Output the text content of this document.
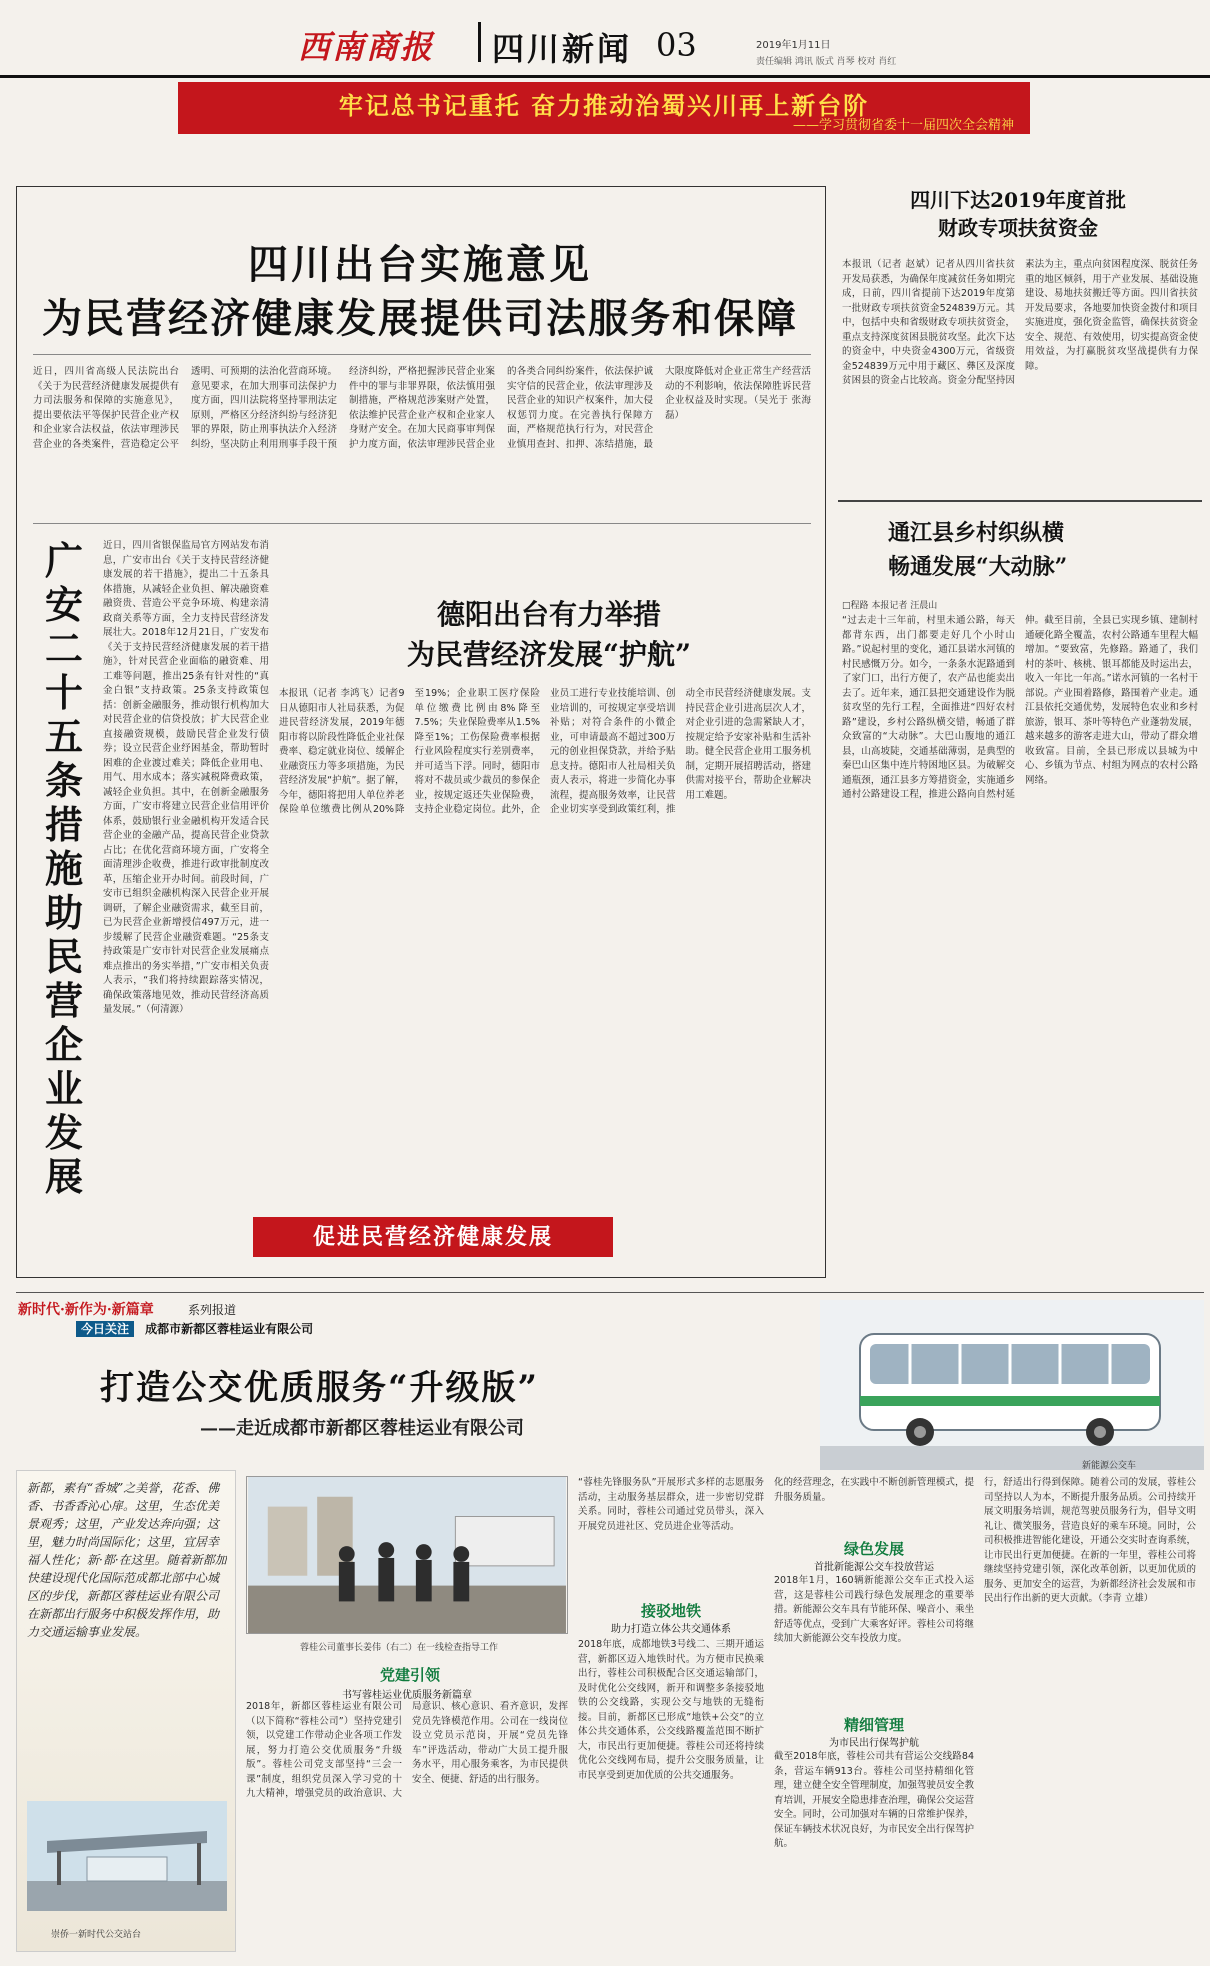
西南商报 四川新闻 03	2019年1月11日
责任编辑 鸿讯 版式 肖琴 校对 肖红
牢记总书记重托 奋力推动治蜀兴川再上新台阶
——学习贯彻省委十一届四次全会精神
四川出台实施意见
为民营经济健康发展提供司法服务和保障
近日，四川省高级人民法院出台《关于为民营经济健康发展提供有力司法服务和保障的实施意见》，提出要依法平等保护民营企业产权和企业家合法权益，依法审理涉民营企业的各类案件，营造稳定公平透明、可预期的法治化营商环境。意见要求，在加大刑事司法保护力度方面，四川法院将坚持罪刑法定原则，严格区分经济纠纷与经济犯罪的界限，防止刑事执法介入经济纠纷，坚决防止利用刑事手段干预经济纠纷，严格把握涉民营企业案件中的罪与非罪界限，依法慎用强制措施，严格规范涉案财产处置，依法维护民营企业产权和企业家人身财产安全。在加大民商事审判保护力度方面，依法审理涉民营企业的各类合同纠纷案件，依法保护诚实守信的民营企业，依法审理涉及民营企业的知识产权案件，加大侵权惩罚力度。在完善执行保障方面，严格规范执行行为，对民营企业慎用查封、扣押、冻结措施，最大限度降低对企业正常生产经营活动的不利影响，依法保障胜诉民营企业权益及时实现。（吴光于 张海磊）
广安二十五条措施助民营企业发展
近日，四川省银保监局官方网站发布消息，广安市出台《关于支持民营经济健康发展的若干措施》，提出二十五条具体措施，从减轻企业负担、解决融资难融资贵、营造公平竞争环境、构建亲清政商关系等方面，全力支持民营经济发展壮大。2018年12月21日，广安发布《关于支持民营经济健康发展的若干措施》，针对民营企业面临的融资难、用工难等问题，推出25条有针对性的“真金白银”支持政策。25条支持政策包括：创新金融服务，推动银行机构加大对民营企业的信贷投放；扩大民营企业直接融资规模，鼓励民营企业发行债券；设立民营企业纾困基金，帮助暂时困难的企业渡过难关；降低企业用电、用气、用水成本；落实减税降费政策，减轻企业负担。其中，在创新金融服务方面，广安市将建立民营企业信用评价体系，鼓励银行业金融机构开发适合民营企业的金融产品，提高民营企业贷款占比；在优化营商环境方面，广安将全面清理涉企收费，推进行政审批制度改革，压缩企业开办时间。前段时间，广安市已组织金融机构深入民营企业开展调研，了解企业融资需求，截至目前，已为民营企业新增授信497万元，进一步缓解了民营企业融资难题。“25条支持政策是广安市针对民营企业发展痛点难点推出的务实举措，”广安市相关负责人表示，“我们将持续跟踪落实情况，确保政策落地见效，推动民营经济高质量发展。”（何清源）
德阳出台有力举措
为民营经济发展“护航”
本报讯（记者 李鸿飞）记者9日从德阳市人社局获悉，为促进民营经济发展，2019年德阳市将以阶段性降低企业社保费率、稳定就业岗位、缓解企业融资压力等多项措施，为民营经济发展“护航”。据了解，今年，德阳将把用人单位养老保险单位缴费比例从20%降至19%；企业职工医疗保险单位缴费比例由8%降至7.5%；失业保险费率从1.5%降至1%；工伤保险费率根据行业风险程度实行差别费率，并可适当下浮。同时，德阳市将对不裁员或少裁员的参保企业，按规定返还失业保险费，支持企业稳定岗位。此外，企业员工进行专业技能培训、创业培训的，可按规定享受培训补贴；对符合条件的小微企业，可申请最高不超过300万元的创业担保贷款，并给予贴息支持。德阳市人社局相关负责人表示，将进一步简化办事流程，提高服务效率，让民营企业切实享受到政策红利，推动全市民营经济健康发展。支持民营企业引进高层次人才，对企业引进的急需紧缺人才，按规定给予安家补贴和生活补助。健全民营企业用工服务机制，定期开展招聘活动，搭建供需对接平台，帮助企业解决用工难题。
促进民营经济健康发展
四川下达2019年度首批
财政专项扶贫资金
本报讯（记者 赵斌）记者从四川省扶贫开发局获悉，为确保年度减贫任务如期完成，日前，四川省提前下达2019年度第一批财政专项扶贫资金524839万元。其中，包括中央和省级财政专项扶贫资金，重点支持深度贫困县脱贫攻坚。此次下达的资金中，中央资金4300万元，省级资金524839万元中用于藏区、彝区及深度贫困县的资金占比较高。资金分配坚持因素法为主，重点向贫困程度深、脱贫任务重的地区倾斜，用于产业发展、基础设施建设、易地扶贫搬迁等方面。四川省扶贫开发局要求，各地要加快资金拨付和项目实施进度，强化资金监管，确保扶贫资金安全、规范、有效使用，切实提高资金使用效益，为打赢脱贫攻坚战提供有力保障。
通江县乡村织纵横
畅通发展“大动脉”
□程路 本报记者 汪晨山
“过去走十三年前，村里未通公路，每天都背东西，出门都要走好几个小时山路。”说起村里的变化，通江县诺水河镇的村民感慨万分。如今，一条条水泥路通到了家门口，出行方便了，农产品也能卖出去了。近年来，通江县把交通建设作为脱贫攻坚的先行工程，全面推进“四好农村路”建设，乡村公路纵横交错，畅通了群众致富的“大动脉”。大巴山腹地的通江县，山高坡陡，交通基础薄弱，是典型的秦巴山区集中连片特困地区县。为破解交通瓶颈，通江县多方筹措资金，实施通乡通村公路建设工程，推进公路向自然村延伸。截至目前，全县已实现乡镇、建制村通硬化路全覆盖，农村公路通车里程大幅增加。“要致富，先修路。路通了，我们村的茶叶、核桃、银耳都能及时运出去，收入一年比一年高。”诺水河镇的一名村干部说。产业围着路修，路围着产业走。通江县依托交通优势，发展特色农业和乡村旅游，银耳、茶叶等特色产业蓬勃发展，越来越多的游客走进大山，带动了群众增收致富。目前，全县已形成以县城为中心、乡镇为节点、村组为网点的农村公路网络。
新时代·新作为·新篇章	系列报道
今日关注 成都市新都区蓉桂运业有限公司
打造公交优质服务“升级版”
——走近成都市新都区蓉桂运业有限公司
新能源公交车
新都，素有“香城”之美誉，花香、佛香、书香香沁心扉。这里，生态优美景观秀；这里，产业发达奔向强；这里，魅力时尚国际化；这里，宜居幸福人性化；新·都·在这里。随着新都加快建设现代化国际范成都北部中心城区的步伐，新都区蓉桂运业有限公司在新都出行服务中积极发挥作用，助力交通运输事业发展。
崇侨一新时代公交站台
蓉桂公司董事长姜伟（右二）在一线检查指导工作
党建引领
书写蓉桂运业优质服务新篇章
2018年，新都区蓉桂运业有限公司（以下简称“蓉桂公司”）坚持党建引领，以党建工作带动企业各项工作发展，努力打造公交优质服务“升级版”。蓉桂公司党支部坚持“三会一课”制度，组织党员深入学习党的十九大精神，增强党员的政治意识、大局意识、核心意识、看齐意识，发挥党员先锋模范作用。公司在一线岗位设立党员示范岗，开展“党员先锋车”评选活动，带动广大员工提升服务水平，用心服务乘客，为市民提供安全、便捷、舒适的出行服务。
“蓉桂先锋服务队”开展形式多样的志愿服务活动，主动服务基层群众，进一步密切党群关系。同时，蓉桂公司通过党员带头，深入开展党员进社区、党员进企业等活动。
接驳地铁
助力打造立体公共交通体系
2018年底，成都地铁3号线二、三期开通运营，新都区迈入地铁时代。为方便市民换乘出行，蓉桂公司积极配合区交通运输部门，及时优化公交线网，新开和调整多条接驳地铁的公交线路，实现公交与地铁的无缝衔接。目前，新都区已形成“地铁+公交”的立体公共交通体系，公交线路覆盖范围不断扩大，市民出行更加便捷。蓉桂公司还将持续优化公交线网布局，提升公交服务质量，让市民享受到更加优质的公共交通服务。
化的经营理念，在实践中不断创新管理模式，提升服务质量。
绿色发展
首批新能源公交车投放营运
2018年1月，160辆新能源公交车正式投入运营，这是蓉桂公司践行绿色发展理念的重要举措。新能源公交车具有节能环保、噪音小、乘坐舒适等优点，受到广大乘客好评。蓉桂公司将继续加大新能源公交车投放力度。
精细管理
为市民出行保驾护航
截至2018年底，蓉桂公司共有营运公交线路84条，营运车辆913台。蓉桂公司坚持精细化管理，建立健全安全管理制度，加强驾驶员安全教育培训，开展安全隐患排查治理，确保公交运营安全。同时，公司加强对车辆的日常维护保养，保证车辆技术状况良好，为市民安全出行保驾护航。
行，舒适出行得到保障。随着公司的发展，蓉桂公司坚持以人为本，不断提升服务品质。公司持续开展文明服务培训，规范驾驶员服务行为，倡导文明礼让、微笑服务，营造良好的乘车环境。同时，公司积极推进智能化建设，开通公交实时查询系统，让市民出行更加便捷。在新的一年里，蓉桂公司将继续坚持党建引领，深化改革创新，以更加优质的服务、更加安全的运营，为新都经济社会发展和市民出行作出新的更大贡献。（李青 立雄）
